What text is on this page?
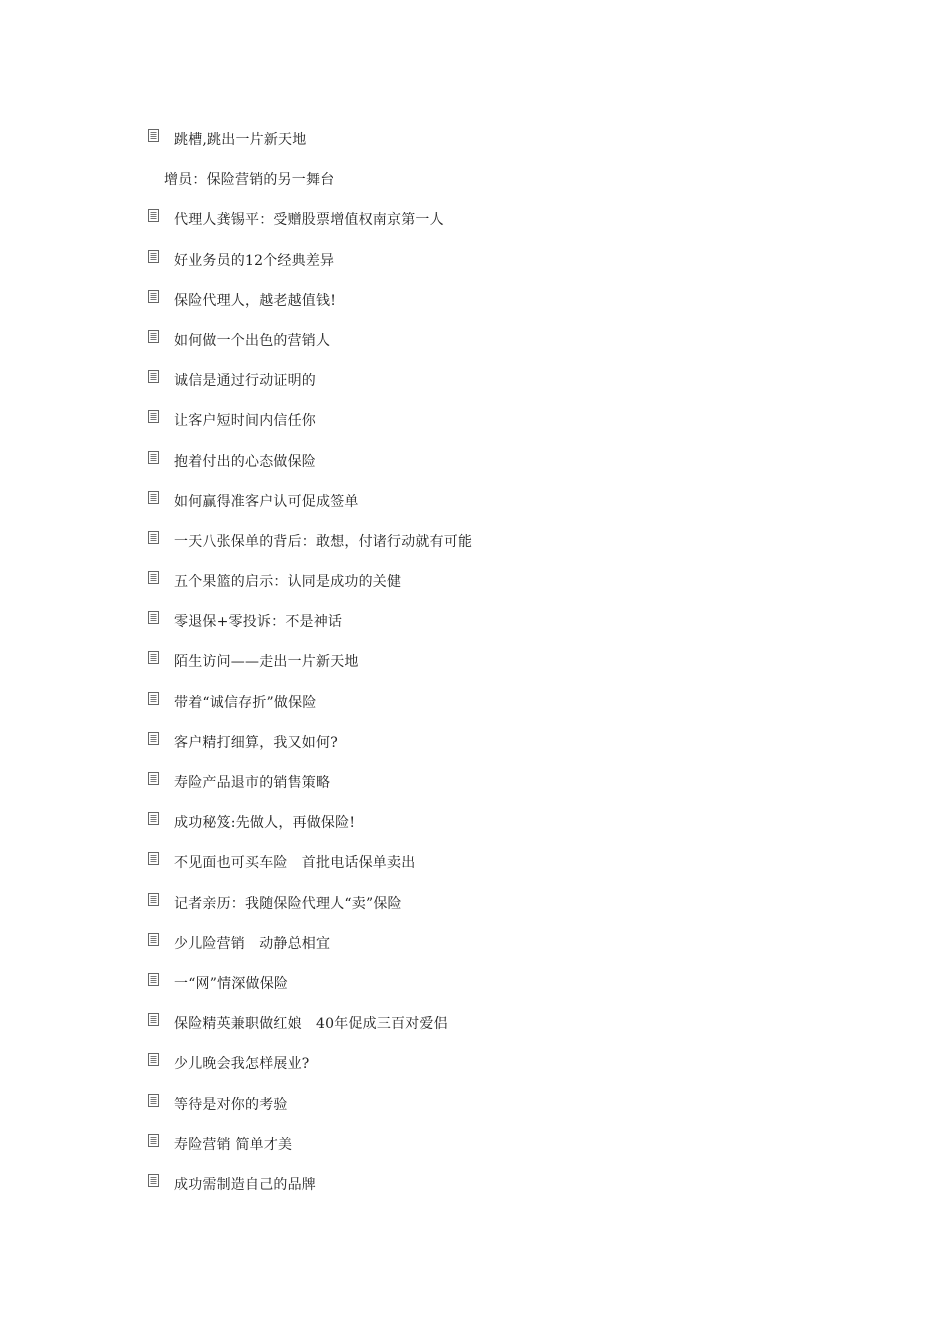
跳槽,跳出一片新天地
增员：保险营销的另一舞台
代理人龚锡平：受赠股票增值权南京第一人
好业务员的12个经典差异
保险代理人，越老越值钱!
如何做一个出色的营销人
诚信是通过行动证明的
让客户短时间内信任你
抱着付出的心态做保险
如何赢得准客户认可促成签单
一天八张保单的背后：敢想，付诸行动就有可能
五个果篮的启示：认同是成功的关健
零退保+零投诉：不是神话
陌生访问——走出一片新天地
带着“诚信存折”做保险
客户精打细算，我又如何?
寿险产品退市的销售策略
成功秘笈:先做人，再做保险!
不见面也可买车险　首批电话保单卖出
记者亲历：我随保险代理人“卖”保险
少儿险营销　动静总相宜
一“网”情深做保险
保险精英兼职做红娘　40年促成三百对爱侣
少儿晚会我怎样展业?
等待是对你的考验
寿险营销 简单才美
成功需制造自己的品牌
